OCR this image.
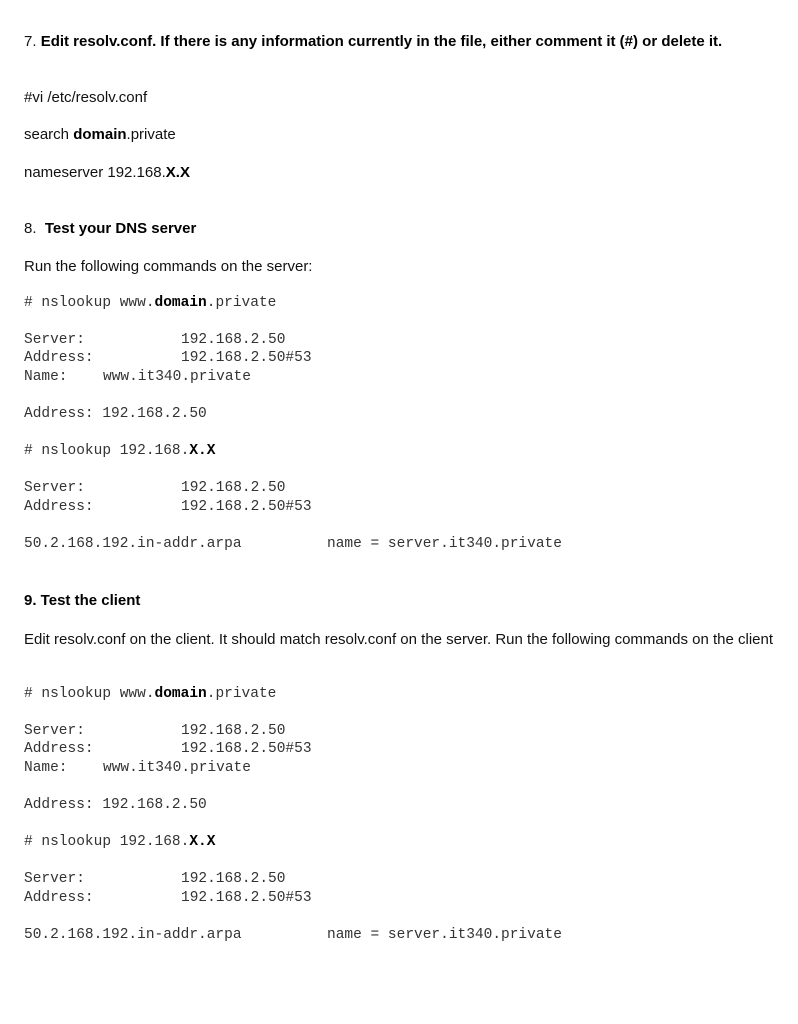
7. Edit resolv.conf. If there is any information currently in the file, either comment it (#) or delete it.
#vi /etc/resolv.conf
search domain.private
nameserver 192.168.X.X
8. Test your DNS server
Run the following commands on the server:
# nslookup www.domain.private
Server:	192.168.2.50
Address:	192.168.2.50#53
Name: www.it340.private
Address: 192.168.2.50
# nslookup 192.168.X.X
Server:	192.168.2.50
Address:	192.168.2.50#53
50.2.168.192.in-addr.arpa	name = server.it340.private
9. Test the client
Edit resolv.conf on the client. It should match resolv.conf on the server. Run the following commands on the client
# nslookup www.domain.private
Server:	192.168.2.50
Address:	192.168.2.50#53
Name: www.it340.private
Address: 192.168.2.50
# nslookup 192.168.X.X
Server:	192.168.2.50
Address:	192.168.2.50#53
50.2.168.192.in-addr.arpa	name = server.it340.private
